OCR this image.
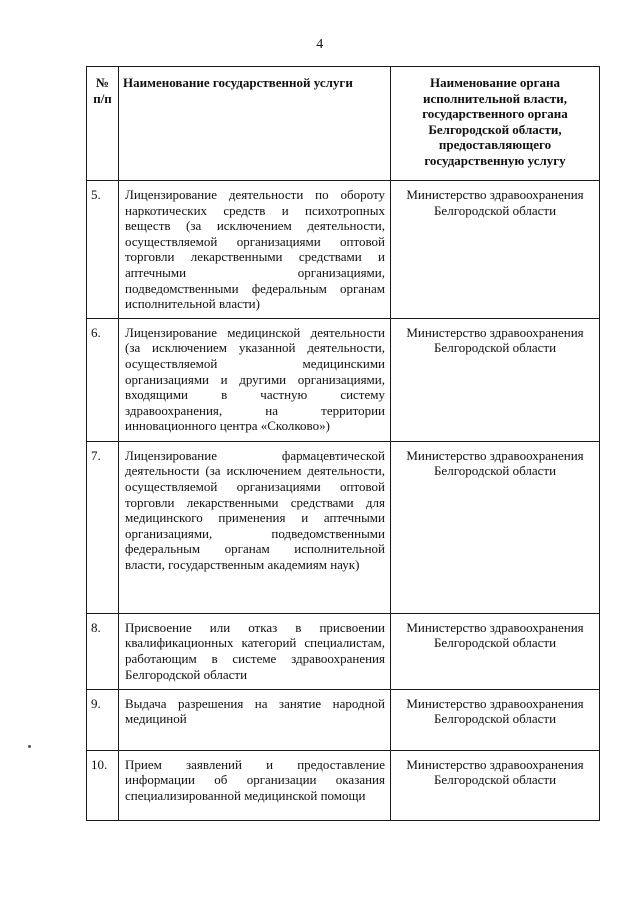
4
№ п/п	Наименование государственной услуги	Наименование органа исполнительной власти, государственного органа Белгородской области, предоставляющего государственную услугу
5.	Лицензирование деятельности по обороту наркотических средств и психотропных веществ (за исключением деятельности, осуществляемой организациями оптовой торговли лекарственными средствами и аптечными организациями, подведомственными федеральным органам исполнительной власти)	Министерство здравоохранения Белгородской области
6.	Лицензирование медицинской деятельности (за исключением указанной деятельности, осуществляемой медицинскими организациями и другими организациями, входящими в частную систему здравоохранения, на территории инновационного центра «Сколково»)	Министерство здравоохранения Белгородской области
7.	Лицензирование фармацевтической деятельности (за исключением деятельности, осуществляемой организациями оптовой торговли лекарственными средствами для медицинского применения и аптечными организациями, подведомственными федеральным органам исполнительной власти, государственным академиям наук)	Министерство здравоохранения Белгородской области
8.	Присвоение или отказ в присвоении квалификационных категорий специалистам, работающим в системе здравоохранения Белгородской области	Министерство здравоохранения Белгородской области
9.	Выдача разрешения на занятие народной медициной	Министерство здравоохранения Белгородской области
10.	Прием заявлений и предоставление информации об организации оказания специализированной медицинской помощи	Министерство здравоохранения Белгородской области
